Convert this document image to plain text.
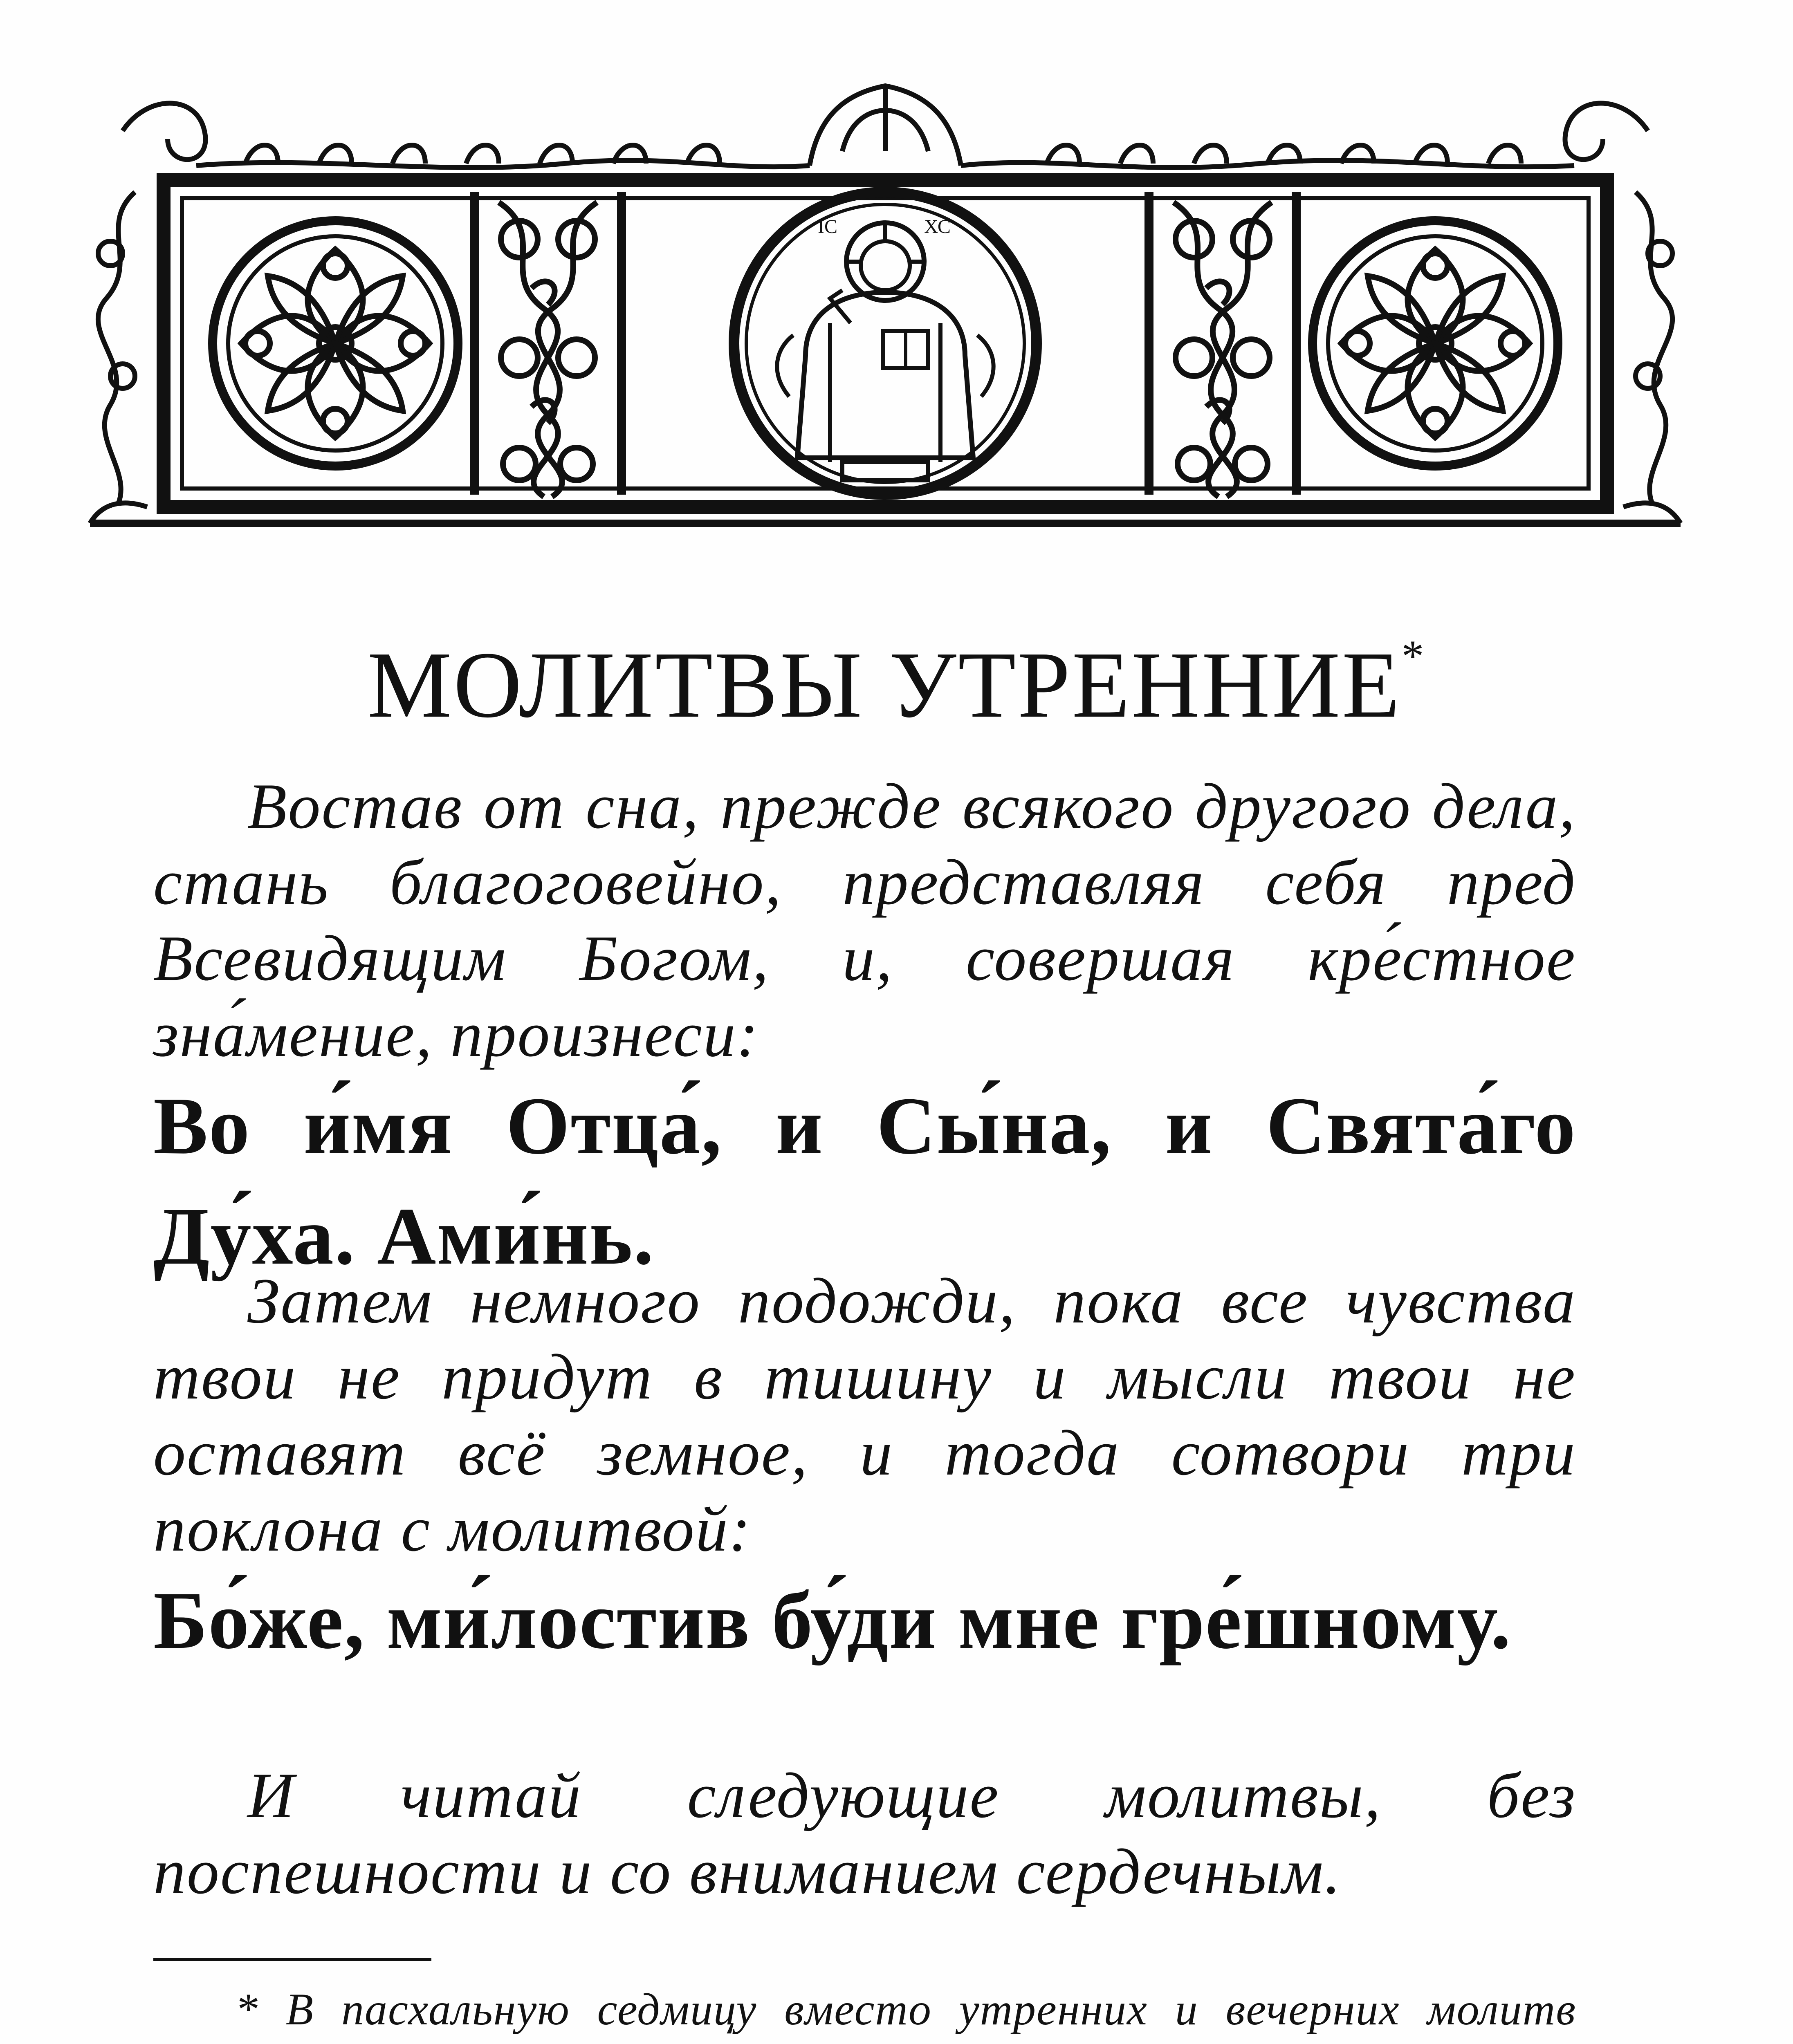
ІС	ХС
МОЛИТВЫ УТРЕННИЕ*

Востав от сна, прежде всякого другого дела, стань благоговейно, представляя себя пред Всевидящим Богом, и, совершая кре́стное зна́мение, произнеси:

Во и́мя Отца́, и Сы́на, и Свята́го Ду́ха. Ами́нь.

Затем немного подожди, пока все чувства твои не придут в тишину и мысли твои не оставят всё земное, и тогда сотвори три поклона с молитвой:

Бо́же, ми́лостив бу́ди мне гре́шному.

И читай следующие молитвы, без поспешности и со вниманием сердечным.

* В пасхальную седмицу вместо утренних и вечерних молитв
